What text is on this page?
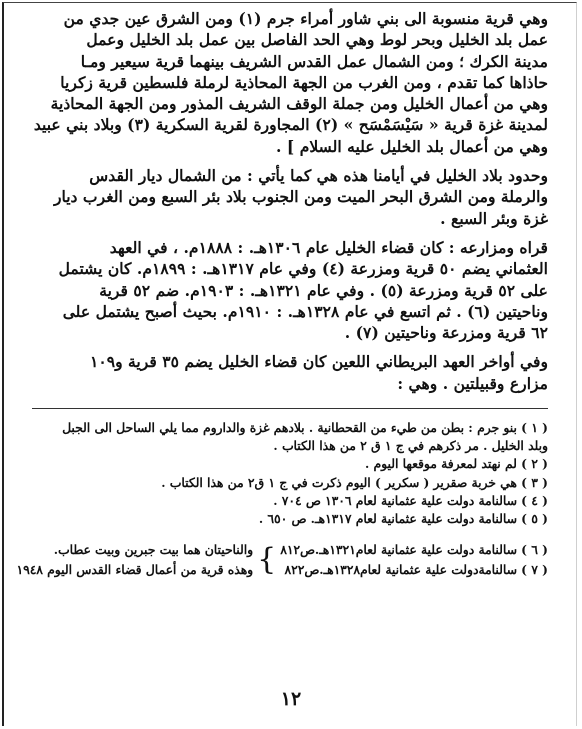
وهي قرية منسوبة الى بني شاور أمراء جرم (١) ومن الشرق عين جدي من
عمل بلد الخليل وبحر لوط وهي الحد الفاصل بين عمل بلد الخليل وعمل
مدينة الكرك ؛ ومن الشمال عمل القدس الشريف بينهما قرية سيعير ومـا
حاذاها كما تقدم ، ومن الغرب من الجهة المحاذية لرملة فلسطين قرية زكريا
وهي من أعمال الخليل ومن جملة الوقف الشريف المذور ومن الجهة المحاذية
لمدينة غزة قرية « سَيْسَمْسَح » (٢) المجاورة لقرية السكرية (٣) وبلاد بني عبيد
وهي من أعمال بلد الخليل عليه السلام ] .

وحدود بلاد الخليل في أيامنا هذه هي كما يأتي : من الشمال ديار القدس
والرملة ومن الشرق البحر الميت ومن الجنوب بلاد بئر السبع ومن الغرب ديار
غزة وبئر السبع .

قراه ومزارعه : كان قضاء الخليل عام ١٣٠٦هـ. : ١٨٨٨م. ، في العهد
العثماني يضم ٥٠ قرية ومزرعة (٤) وفي عام ١٣١٧هـ. : ١٨٩٩م. كان يشتمل
على ٥٢ قرية ومزرعة (٥) . وفي عام ١٣٢١هـ. : ١٩٠٣م. ضم ٥٢ قرية
وناحيتين (٦) . ثم اتسع في عام ١٣٢٨هـ. : ١٩١٠م. بحيث أصبح يشتمل على
٦٢ قرية ومزرعة وناحيتين (٧) .

وفي أواخر العهد البريطاني اللعين كان قضاء الخليل يضم ٣٥ قرية و١٠٩
مزارع وقبيلتين . وهي :

( ١ ) بنو جرم : بطن من طيء من القحطانية . بلادهم غزة والداروم مما يلي الساحل الى الجبل

وبلد الخليل . مر ذكرهم في ج ١ ق ٢ من هذا الكتاب .

( ٢ ) لم نهتد لمعرفة موقعها اليوم .

( ٣ ) هي خربة صقرير ( سكرير ) اليوم ذكرت في ج ١ ق٢ من هذا الكتاب .

( ٤ ) سالنامة دولت علية عثمانية لعام ١٣٠٦ ص ٧٠٤ .

( ٥ ) سالنامة دولت علية عثمانية لعام ١٣١٧هـ. ص ٦٥٠ .

( ٦ ) سالنامة دولت علية عثمانية لعام١٣٢١هـ.ص٨١٢
( ٧ ) سالنامةدولت علية عثمانية لعام١٣٢٨هـ.ص٨٢٢
}
والناحيتان هما بيت جبرين وبيت عطاب.
وهذه قرية من أعمال قضاء القدس اليوم ١٩٤٨
١٢
